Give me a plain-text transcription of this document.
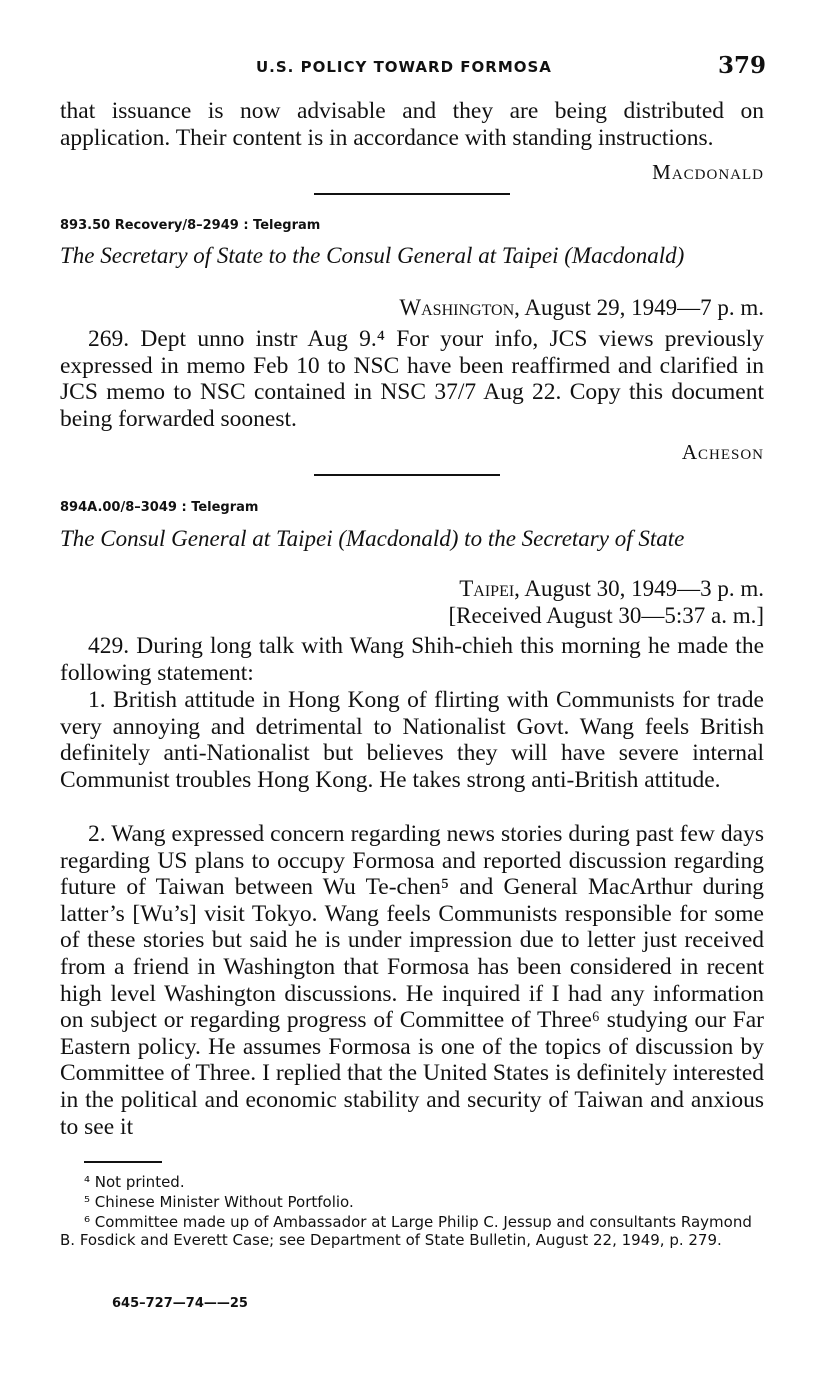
U.S. POLICY TOWARD FORMOSA	379

that issuance is now advisable and they are being distributed on application. Their content is in accordance with standing instructions.

Macdonald
893.50 Recovery/8–2949 : Telegram
The Secretary of State to the Consul General at Taipei (Macdonald)
Washington, August 29, 1949—7 p. m.

269. Dept unno instr Aug 9.⁴ For your info, JCS views previously expressed in memo Feb 10 to NSC have been reaffirmed and clarified in JCS memo to NSC contained in NSC 37/7 Aug 22. Copy this document being forwarded soonest.

Acheson
894A.00/8–3049 : Telegram
The Consul General at Taipei (Macdonald) to the Secretary of State
Taipei, August 30, 1949—3 p. m.
[Received August 30—5:37 a. m.]

429. During long talk with Wang Shih-chieh this morning he made the following statement:

1. British attitude in Hong Kong of flirting with Communists for trade very annoying and detrimental to Nationalist Govt. Wang feels British definitely anti-Nationalist but believes they will have severe internal Communist troubles Hong Kong. He takes strong anti-British attitude.

2. Wang expressed concern regarding news stories during past few days regarding US plans to occupy Formosa and reported discussion regarding future of Taiwan between Wu Te-chen⁵ and General MacArthur during latter’s [Wu’s] visit Tokyo. Wang feels Communists responsible for some of these stories but said he is under impression due to letter just received from a friend in Washington that Formosa has been considered in recent high level Washington discussions. He inquired if I had any information on subject or regarding progress of Committee of Three⁶ studying our Far Eastern policy. He assumes Formosa is one of the topics of discussion by Committee of Three. I replied that the United States is definitely interested in the political and economic stability and security of Taiwan and anxious to see it

⁴ Not printed.

⁵ Chinese Minister Without Portfolio.

⁶ Committee made up of Ambassador at Large Philip C. Jessup and consultants Raymond B. Fosdick and Everett Case; see Department of State Bulletin, August 22, 1949, p. 279.

645–727—74——25
